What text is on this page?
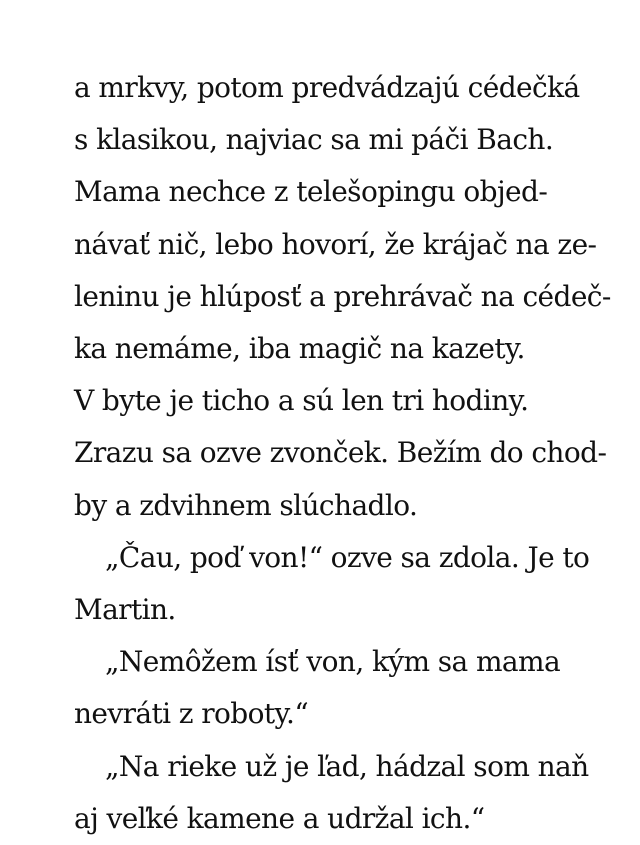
a mrkvy, potom predvádzajú cédečká
s klasikou, najviac sa mi páči Bach.
Mama nechce z telešopingu objed-
návať nič, lebo hovorí, že krájač na ze-
leninu je hlúposť a prehrávač na cédeč-
ka nemáme, iba magič na kazety.
V byte je ticho a sú len tri hodiny.
Zrazu sa ozve zvonček. Bežím do chod-
by a zdvihnem slúchadlo.
„Čau, poď von!“ ozve sa zdola. Je to
Martin.
„Nemôžem ísť von, kým sa mama
nevráti z roboty.“
„Na rieke už je ľad, hádzal som naň
aj veľké kamene a udržal ich.“
